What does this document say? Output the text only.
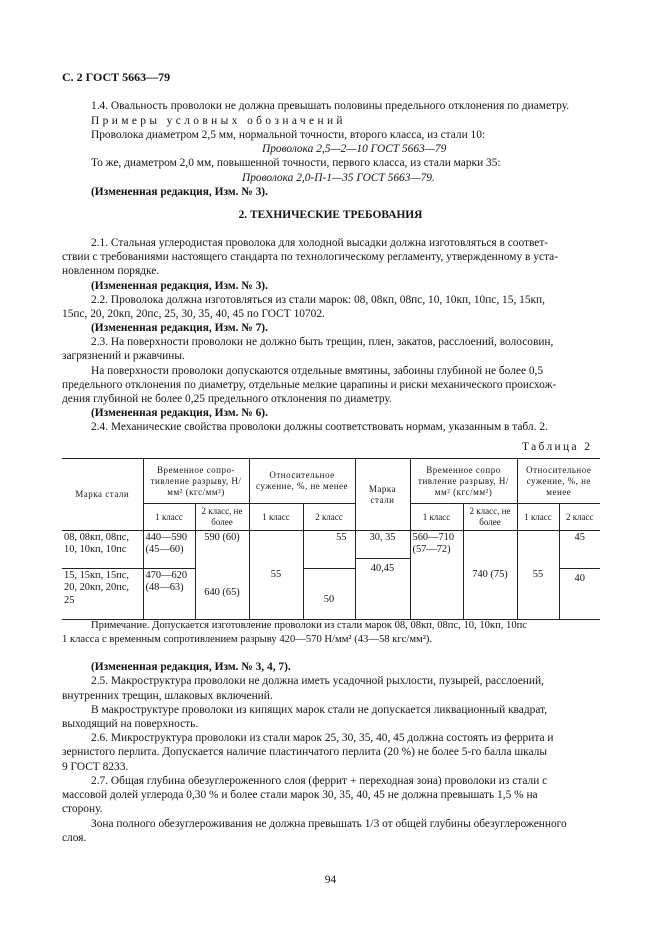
С. 2 ГОСТ 5663—79
1.4. Овальность проволоки не должна превышать половины предельного отклонения по диаметру.
Примеры условных обозначений
Проволока диаметром 2,5 мм, нормальной точности, второго класса, из стали 10:
Проволока 2,5—2—10 ГОСТ 5663—79
То же, диаметром 2,0 мм, повышенной точности, первого класса, из стали марки 35:
Проволока 2,0-П-1—35 ГОСТ 5663—79.
(Измененная редакция, Изм. № 3).
2. ТЕХНИЧЕСКИЕ ТРЕБОВАНИЯ
2.1. Стальная углеродистая проволока для холодной высадки должна изготовляться в соответ-
ствии с требованиями настоящего стандарта по технологическому регламенту, утвержденному в уста-
новленном порядке.
(Измененная редакция, Изм. № 3).
2.2. Проволока должна изготовляться из стали марок: 08, 08кп, 08пс, 10, 10кп, 10пс, 15, 15кп,
15пс, 20, 20кп, 20пс, 25, 30, 35, 40, 45 по ГОСТ 10702.
(Измененная редакция, Изм. № 7).
2.3. На поверхности проволоки не должно быть трещин, плен, закатов, расслоений, волосовин,
загрязнений и ржавчины.
На поверхности проволоки допускаются отдельные вмятины, забоины глубиной не более 0,5
предельного отклонения по диаметру, отдельные мелкие царапины и риски механического происхож-
дения глубиной не более 0,25 предельного отклонения по диаметру.
(Измененная редакция, Изм. № 6).
2.4. Механические свойства проволоки должны соответствовать нормам, указанным в табл. 2.
Таблица 2
Марка стали	Временное сопро-тивление разрыву, Н/мм² (кгс/мм²)		Относительное сужение, %, не менее		Марка стали	Временное сопро тивление разрыву, Н/мм² (кгс/мм²)		Относительное сужение, %, не менее	
	1 класс	2 класс, не более	1 класс	2 класс		1 класс	2 класс, не более	1 класс	2 класс
08, 08кп, 08пс, 10, 10кп, 10пс	440—590 (45—60)	590 (60)	55	55	30, 35	560—710 (57—72)	740 (75)	55	45
					40,45				
15, 15кп, 15пс, 20, 20кп, 20пс, 25	470—620 (48—63)	640 (65)		50					40

Примечание. Допускается изготовление проволоки из стали марок 08, 08кп, 08пс, 10, 10кп, 10пс
1 класса с временным сопротивлением разрыву 420—570 Н/мм² (43—58 кгс/мм²).
(Измененная редакция, Изм. № 3, 4, 7).
2.5. Макроструктура проволоки не должна иметь усадочной рыхлости, пузырей, расслоений,
внутренних трещин, шлаковых включений.
В макроструктуре проволоки из кипящих марок стали не допускается ликвационный квадрат,
выходящий на поверхность.
2.6. Микроструктура проволоки из стали марок 25, 30, 35, 40, 45 должна состоять из феррита и
зернистого перлита. Допускается наличие пластинчатого перлита (20 %) не более 5-го балла шкалы
9 ГОСТ 8233.
2.7. Общая глубина обезуглероженного слоя (феррит + переходная зона) проволоки из стали с
массовой долей углерода 0,30 % и более стали марок 30, 35, 40, 45 не должна превышать 1,5 % на
сторону.
Зона полного обезуглероживания не должна превышать 1/3 от общей глубины обезуглероженного
слоя.
94
